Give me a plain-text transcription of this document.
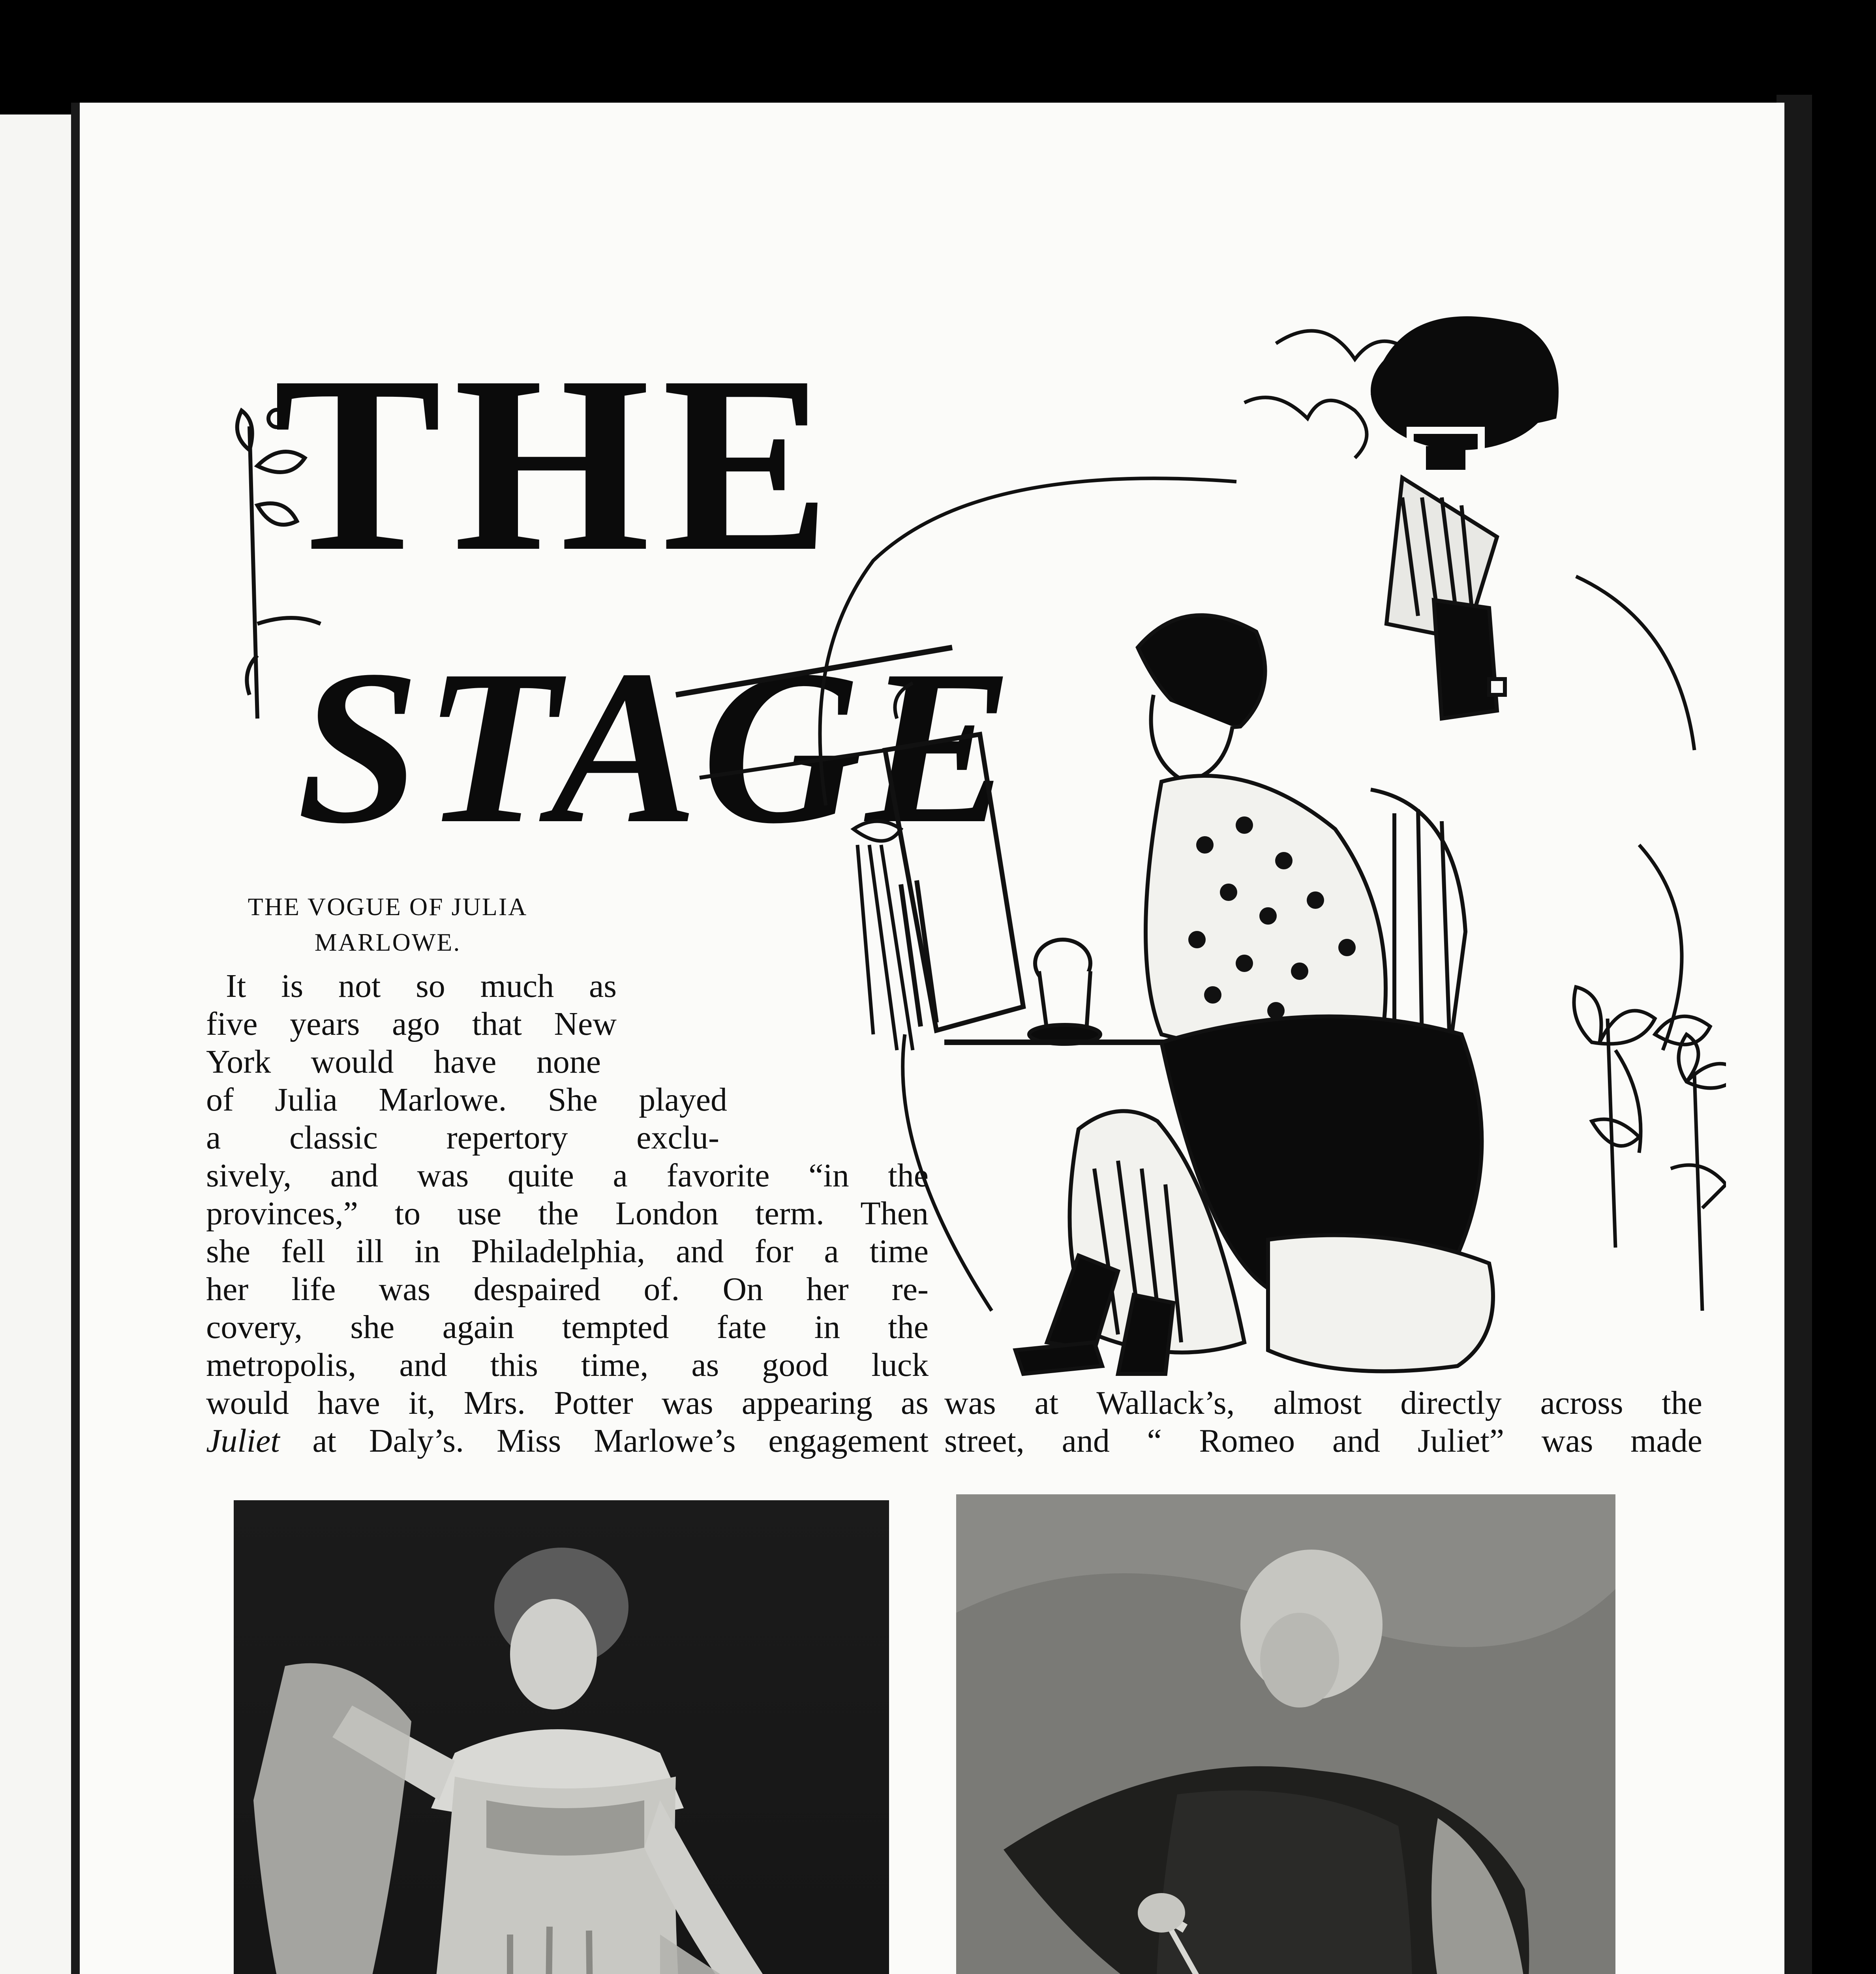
THE
STAGE
THE VOGUE OF JULIA
MARLOWE.
It is not so much as
five years ago that New
York would have none
of Julia Marlowe. She played
a classic repertory exclu-
sively, and was quite a favorite “in the
provinces,” to use the London term. Then
she fell ill in Philadelphia, and for a time
her life was despaired of. On her re-
covery, she again tempted fate in the
metropolis, and this time, as good luck
would have it, Mrs. Potter was appearing as
Juliet at Daly’s. Miss Marlowe’s engagement
was at Wallack’s, almost directly across the
street, and “ Romeo and Juliet” was made
